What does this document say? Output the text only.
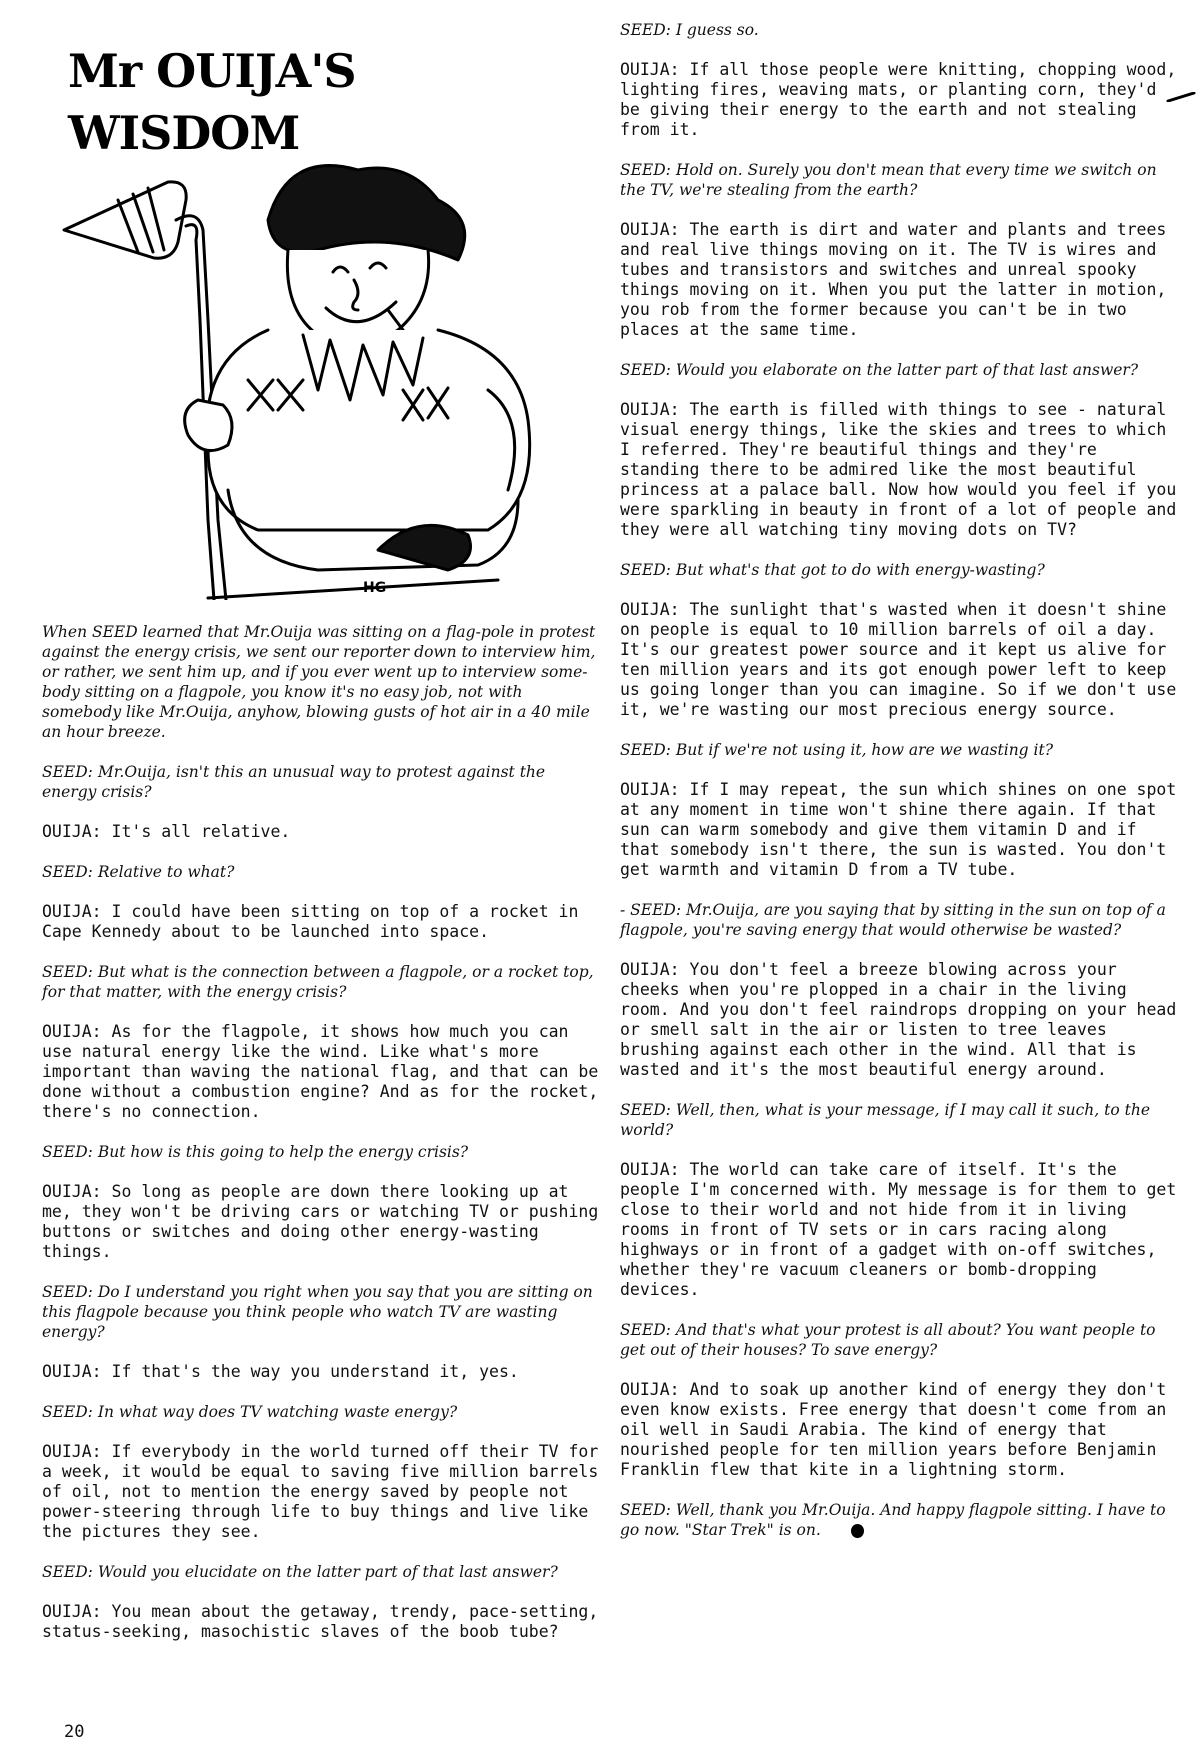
Mr OUIJA'S
WISDOM
HG

When SEED learned that Mr.Ouija was sitting on a flag-pole in protest against the energy crisis, we sent our reporter down to interview him, or rather, we sent him up, and if you ever went up to interview some-body sitting on a flagpole, you know it's no easy job, not with somebody like Mr.Ouija, anyhow, blowing gusts of hot air in a 40 mile an hour breeze.

SEED: Mr.Ouija, isn't this an unusual way to protest against the energy crisis?

OUIJA: It's all relative.

SEED: Relative to what?

OUIJA: I could have been sitting on top of a rocket in Cape Kennedy about to be launched into space.

SEED: But what is the connection between a flagpole, or a rocket top, for that matter, with the energy crisis?

OUIJA: As for the flagpole, it shows how much you can use natural energy like the wind. Like what's more important than waving the national flag, and that can be done without a combustion engine? And as for the rocket, there's no connection.

SEED: But how is this going to help the energy crisis?

OUIJA: So long as people are down there looking up at me, they won't be driving cars or watching TV or pushing buttons or switches and doing other energy-wasting things.

SEED: Do I understand you right when you say that you are sitting on this flagpole because you think people who watch TV are wasting energy?

OUIJA: If that's the way you understand it, yes.

SEED: In what way does TV watching waste energy?

OUIJA: If everybody in the world turned off their TV for a week, it would be equal to saving five million barrels of oil, not to mention the energy saved by people not power-steering through life to buy things and live like the pictures they see.

SEED: Would you elucidate on the latter part of that last answer?

OUIJA: You mean about the getaway, trendy, pace-setting, status-seeking, masochistic slaves of the boob tube?

SEED: I guess so.

OUIJA: If all those people were knitting, chopping wood, lighting fires, weaving mats, or planting corn, they'd be giving their energy to the earth and not stealing from it.

SEED: Hold on. Surely you don't mean that every time we switch on the TV, we're stealing from the earth?

OUIJA: The earth is dirt and water and plants and trees and real live things moving on it. The TV is wires and tubes and transistors and switches and unreal spooky things moving on it. When you put the latter in motion, you rob from the former because you can't be in two places at the same time.

SEED: Would you elaborate on the latter part of that last answer?

OUIJA: The earth is filled with things to see - natural visual energy things, like the skies and trees to which I referred. They're beautiful things and they're standing there to be admired like the most beautiful princess at a palace ball. Now how would you feel if you were sparkling in beauty in front of a lot of people and they were all watching tiny moving dots on TV?

SEED: But what's that got to do with energy-wasting?

OUIJA: The sunlight that's wasted when it doesn't shine on people is equal to 10 million barrels of oil a day. It's our greatest power source and it kept us alive for ten million years and its got enough power left to keep us going longer than you can imagine. So if we don't use it, we're wasting our most precious energy source.

SEED: But if we're not using it, how are we wasting it?

OUIJA: If I may repeat, the sun which shines on one spot at any moment in time won't shine there again. If that sun can warm somebody and give them vitamin D and if that somebody isn't there, the sun is wasted. You don't get warmth and vitamin D from a TV tube.

- SEED: Mr.Ouija, are you saying that by sitting in the sun on top of a flagpole, you're saving energy that would otherwise be wasted?

OUIJA: You don't feel a breeze blowing across your cheeks when you're plopped in a chair in the living room. And you don't feel raindrops dropping on your head or smell salt in the air or listen to tree leaves brushing against each other in the wind. All that is wasted and it's the most beautiful energy around.

SEED: Well, then, what is your message, if I may call it such, to the world?

OUIJA: The world can take care of itself. It's the people I'm concerned with. My message is for them to get close to their world and not hide from it in living rooms in front of TV sets or in cars racing along highways or in front of a gadget with on-off switches, whether they're vacuum cleaners or bomb-dropping devices.

SEED: And that's what your protest is all about? You want people to get out of their houses? To save energy?

OUIJA: And to soak up another kind of energy they don't even know exists. Free energy that doesn't come from an oil well in Saudi Arabia. The kind of energy that nourished people for ten million years before Benjamin Franklin flew that kite in a lightning storm.

SEED: Well, thank you Mr.Ouija. And happy flagpole sitting. I have to go now. "Star Trek" is on.

20
